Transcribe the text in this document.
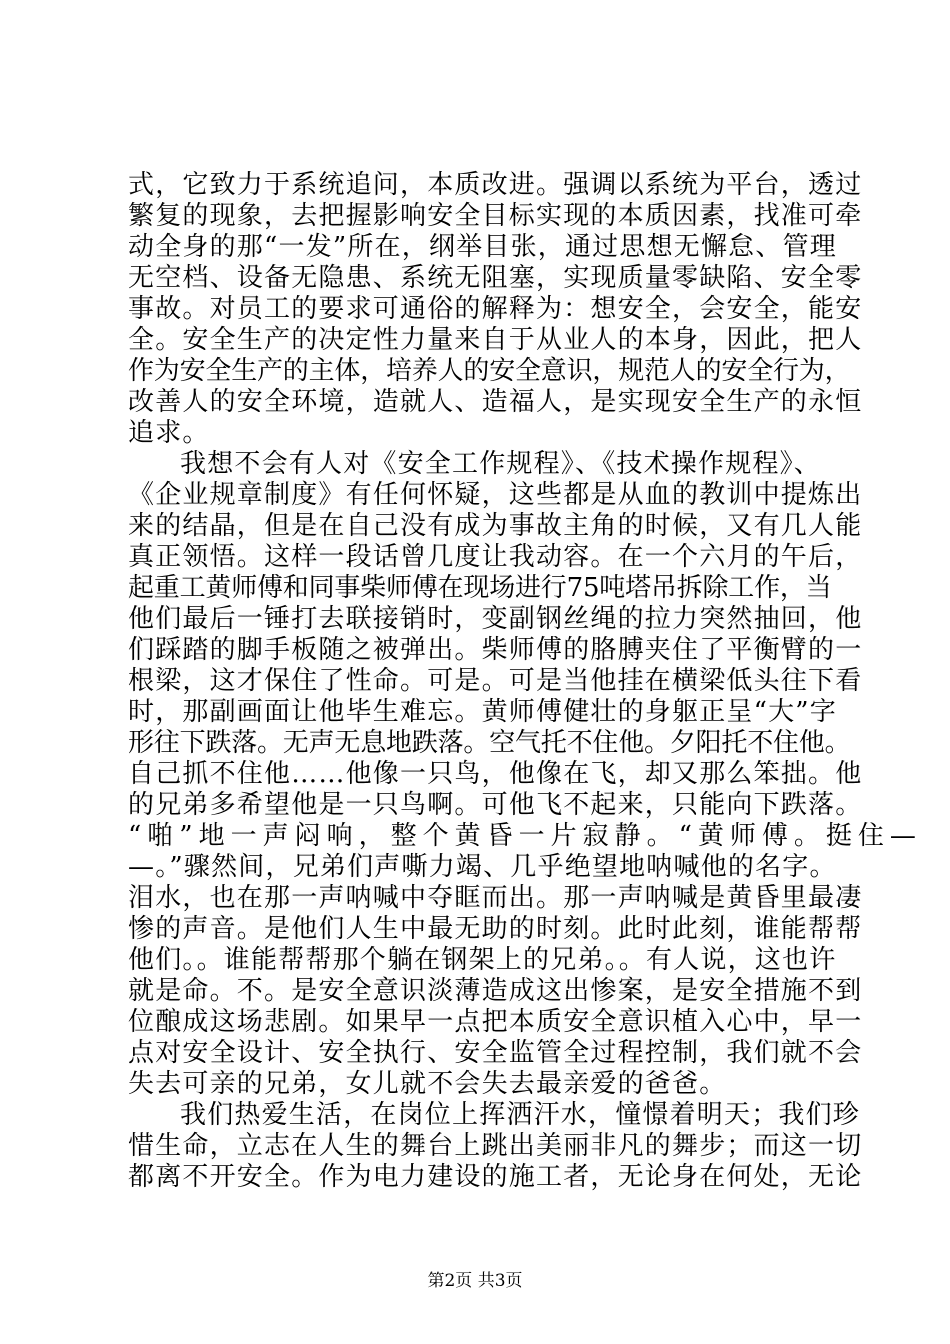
式，它致力于系统追问，本质改进。强调以系统为平台，透过
繁复的现象，去把握影响安全目标实现的本质因素，找准可牵
动全身的那“一发”所在，纲举目张，通过思想无懈怠、管理
无空档、设备无隐患、系统无阻塞，实现质量零缺陷、安全零
事故。对员工的要求可通俗的解释为：想安全，会安全，能安
全。安全生产的决定性力量来自于从业人的本身，因此，把人
作为安全生产的主体，培养人的安全意识，规范人的安全行为，
改善人的安全环境，造就人、造福人，是实现安全生产的永恒
追求。
我想不会有人对《安全工作规程》、《技术操作规程》、
《企业规章制度》有任何怀疑，这些都是从血的教训中提炼出
来的结晶，但是在自己没有成为事故主角的时候，又有几人能
真正领悟。这样一段话曾几度让我动容。在一个六月的午后，
起重工黄师傅和同事柴师傅在现场进行75吨塔吊拆除工作，当
他们最后一锤打去联接销时，变副钢丝绳的拉力突然抽回，他
们踩踏的脚手板随之被弹出。柴师傅的胳膊夹住了平衡臂的一
根梁，这才保住了性命。可是。可是当他挂在横梁低头往下看
时，那副画面让他毕生难忘。黄师傅健壮的身躯正呈“大”字
形往下跌落。无声无息地跌落。空气托不住他。夕阳托不住他。
自己抓不住他……他像一只鸟，他像在飞，却又那么笨拙。他
的兄弟多希望他是一只鸟啊。可他飞不起来，只能向下跌落。
“啪”地一声闷响，整个黄昏一片寂静。“黄师傅。挺住—
—。”骤然间，兄弟们声嘶力竭、几乎绝望地呐喊他的名字。
泪水，也在那一声呐喊中夺眶而出。那一声呐喊是黄昏里最凄
惨的声音。是他们人生中最无助的时刻。此时此刻，谁能帮帮
他们。。谁能帮帮那个躺在钢架上的兄弟。。有人说，这也许
就是命。不。是安全意识淡薄造成这出惨案，是安全措施不到
位酿成这场悲剧。如果早一点把本质安全意识植入心中，早一
点对安全设计、安全执行、安全监管全过程控制，我们就不会
失去可亲的兄弟，女儿就不会失去最亲爱的爸爸。
我们热爱生活，在岗位上挥洒汗水，憧憬着明天；我们珍
惜生命，立志在人生的舞台上跳出美丽非凡的舞步；而这一切
都离不开安全。作为电力建设的施工者，无论身在何处，无论
第2页 共3页
